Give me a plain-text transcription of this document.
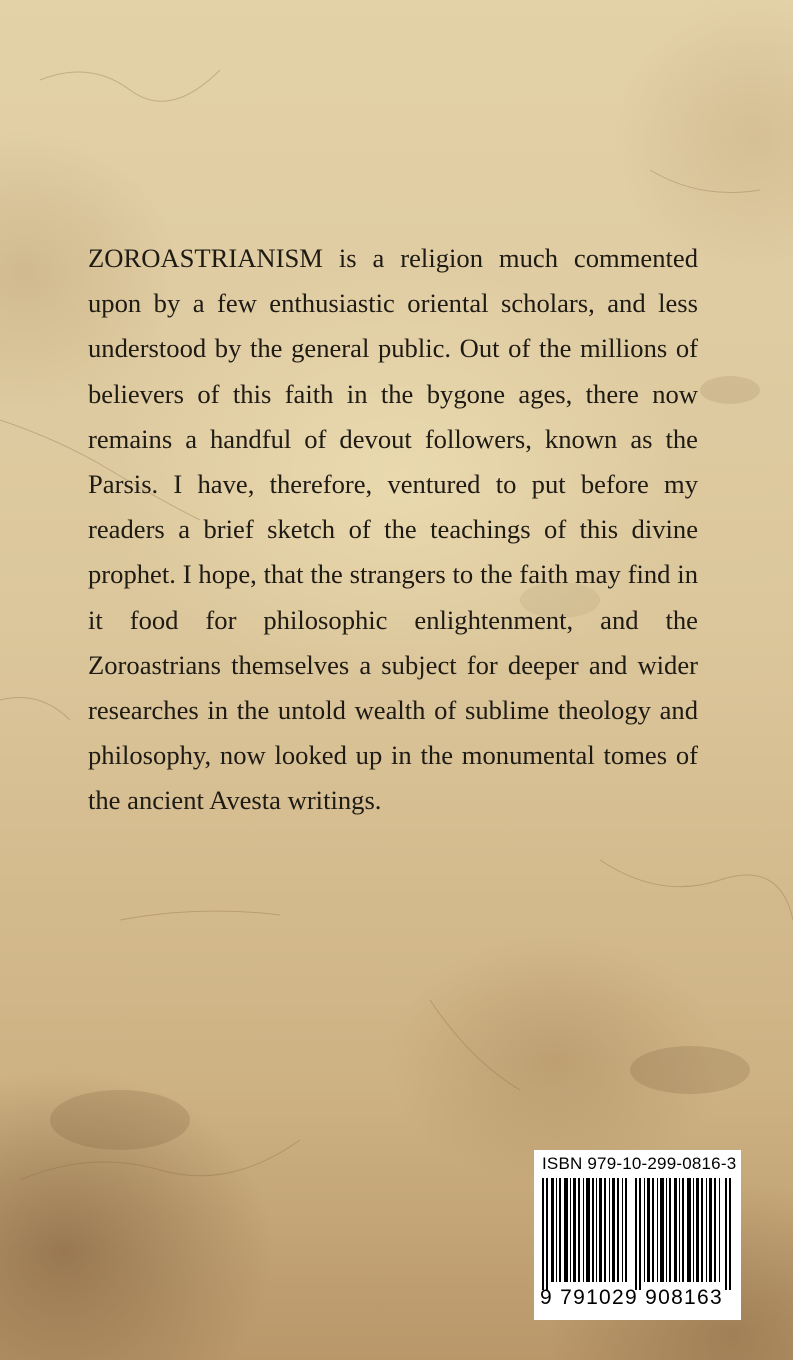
ZOROASTRIANISM is a religion much commented upon by a few enthusiastic oriental scholars, and less understood by the general public. Out of the millions of believers of this faith in the bygone ages, there now remains a handful of devout followers, known as the Parsis. I have, therefore, ventured to put before my readers a brief sketch of the teachings of this divine prophet. I hope, that the strangers to the faith may find in it food for philosophic enlightenment, and the Zoroastrians themselves a subject for deeper and wider researches in the untold wealth of sublime theology and philosophy, now looked up in the monumental tomes of the ancient Avesta writings.

ISBN 979-10-299-0816-3
9 791029 908163
